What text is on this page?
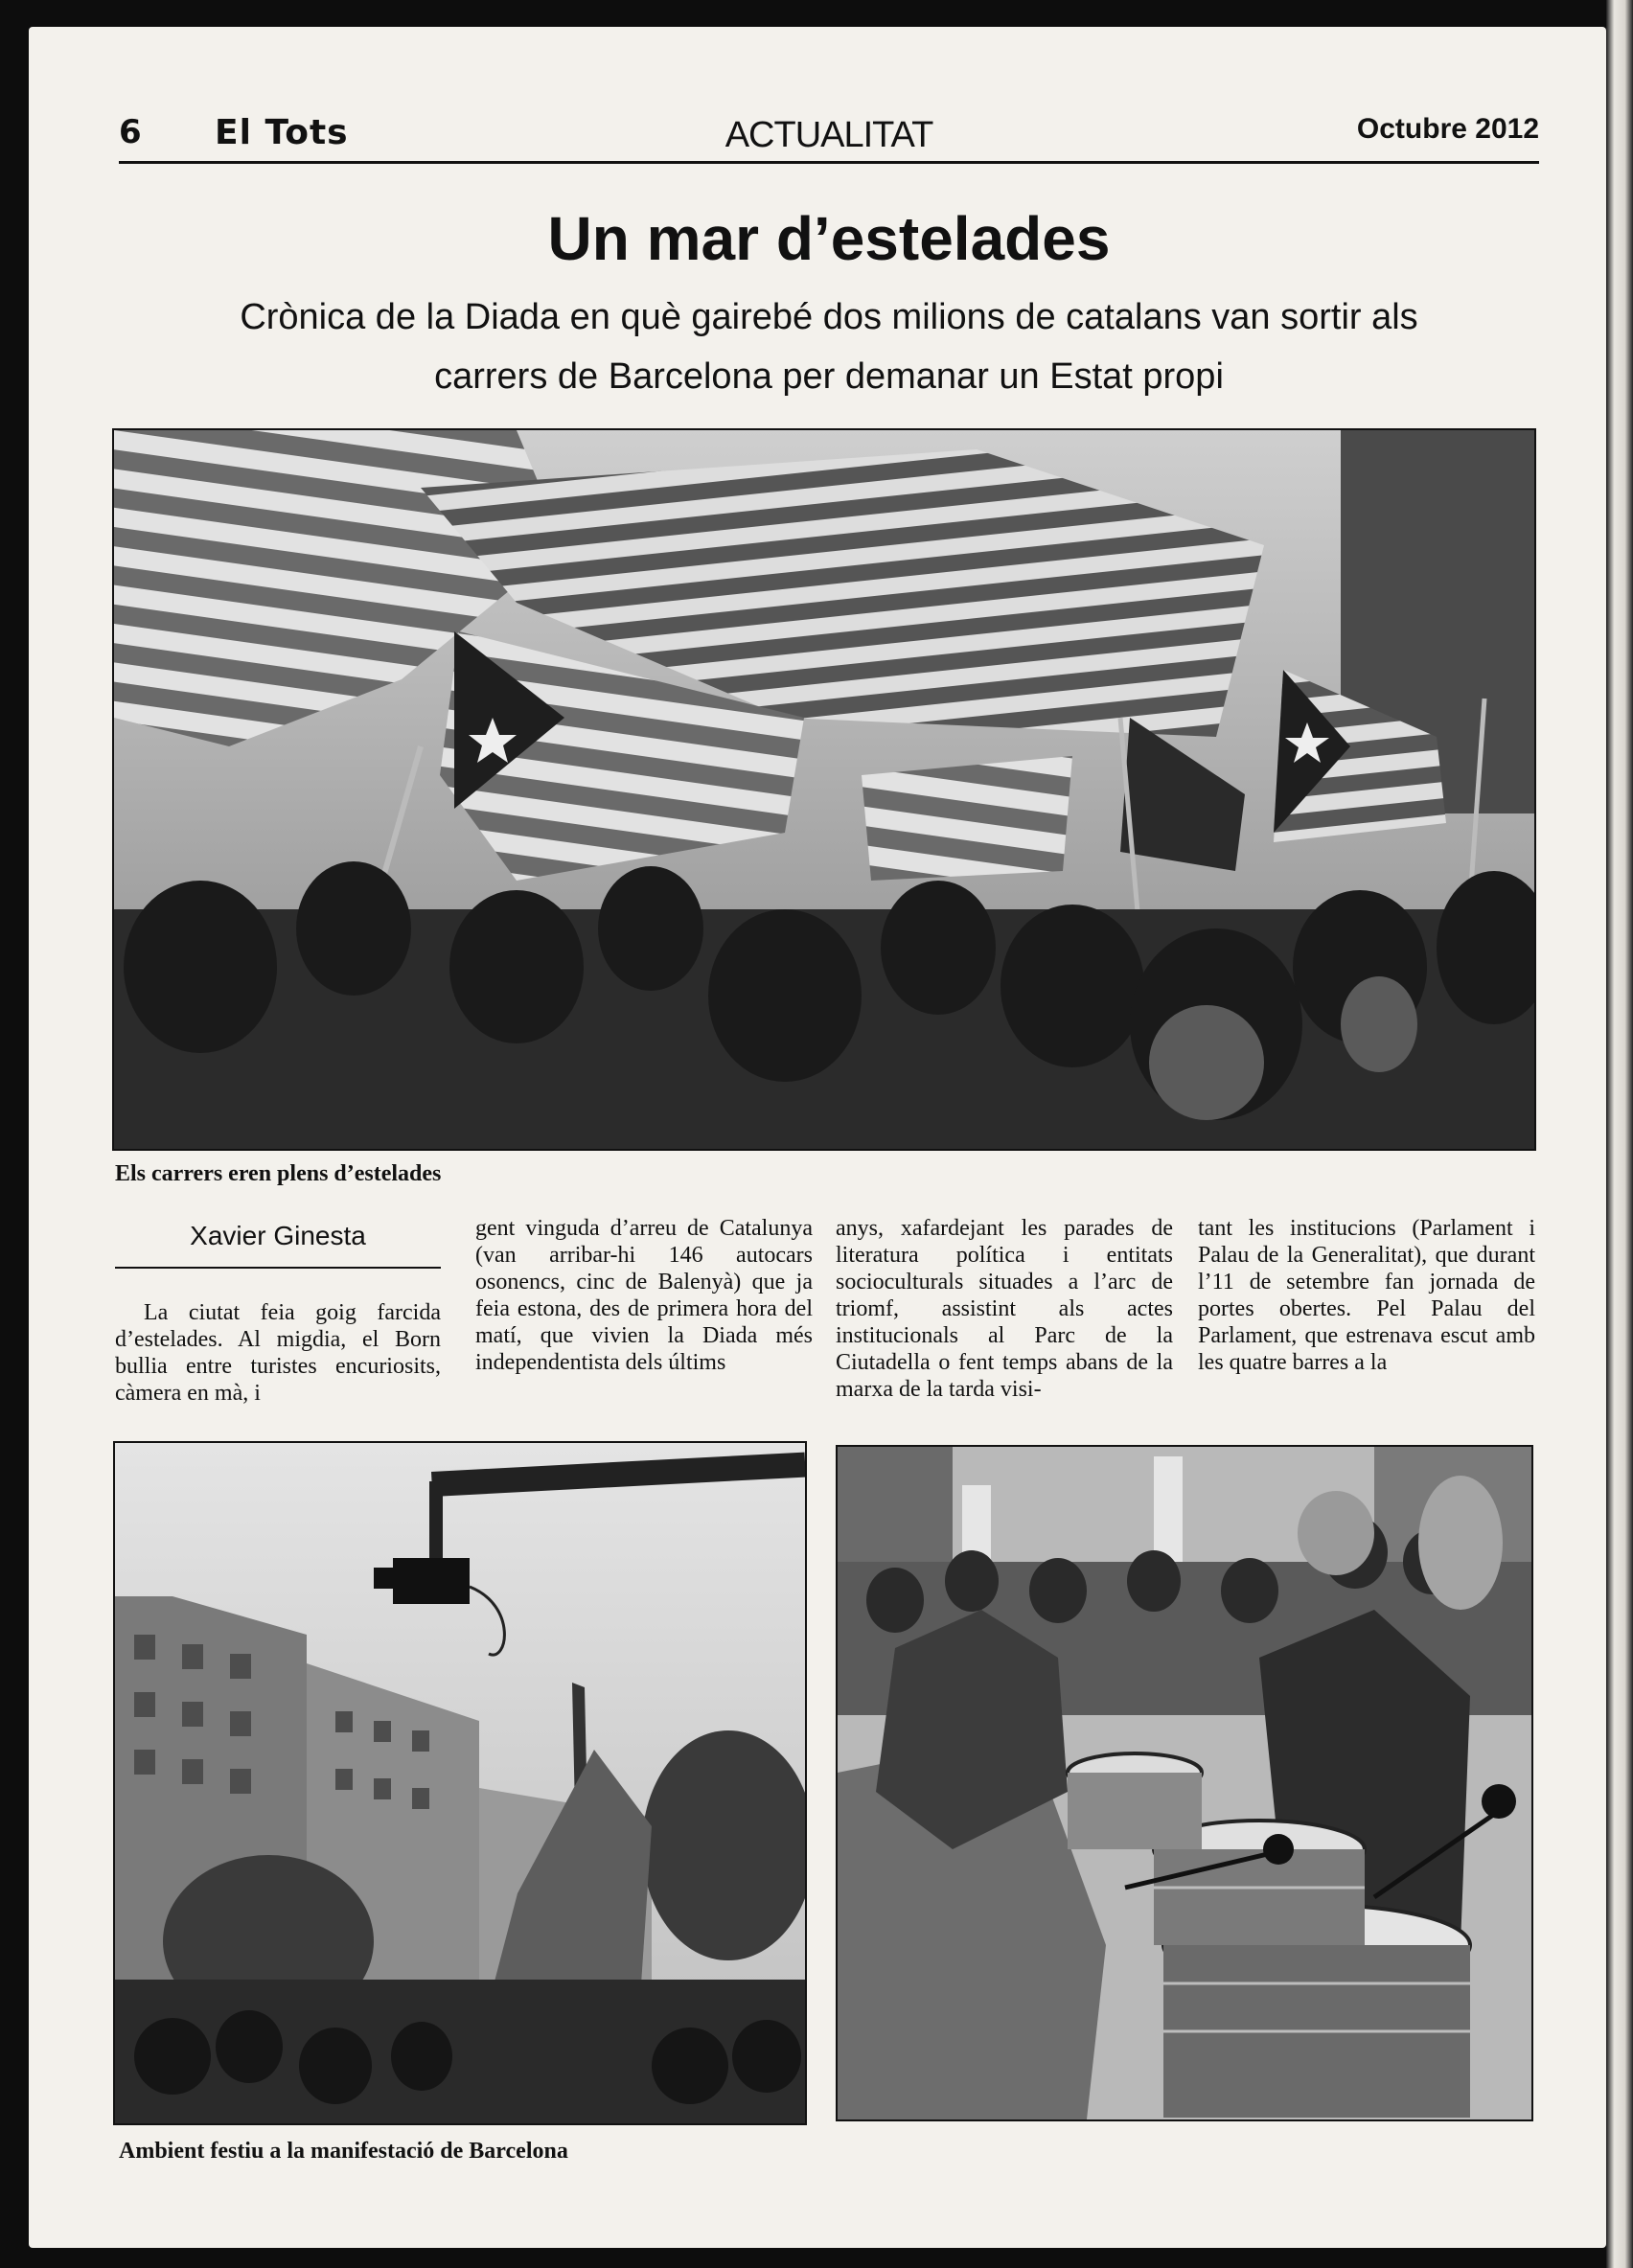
6 El Tots	ACTUALITAT	Octubre 2012
Un mar d’estelades
Crònica de la Diada en què gairebé dos milions de catalans van sortir als
carrers de Barcelona per demanar un Estat propi
Els carrers eren plens d’estelades
Xavier Ginesta

La ciutat feia goig farcida d’estelades. Al migdia, el Born bullia entre turistes encuriosits, càmera en mà, i

gent vinguda d’arreu de Catalunya (van arribar-hi 146 autocars osonencs, cinc de Balenyà) que ja feia estona, des de primera hora del matí, que vivien la Diada més independentista dels últims

anys, xafardejant les parades de literatura política i entitats socioculturals situades a l’arc de triomf, assistint als actes institucionals al Parc de la Ciutadella o fent temps abans de la marxa de la tarda visi-

tant les institucions (Parlament i Palau de la Generalitat), que durant l’11 de setembre fan jornada de portes obertes. Pel Palau del Parlament, que estrenava escut amb les quatre barres a la

Ambient festiu a la manifestació de Barcelona
